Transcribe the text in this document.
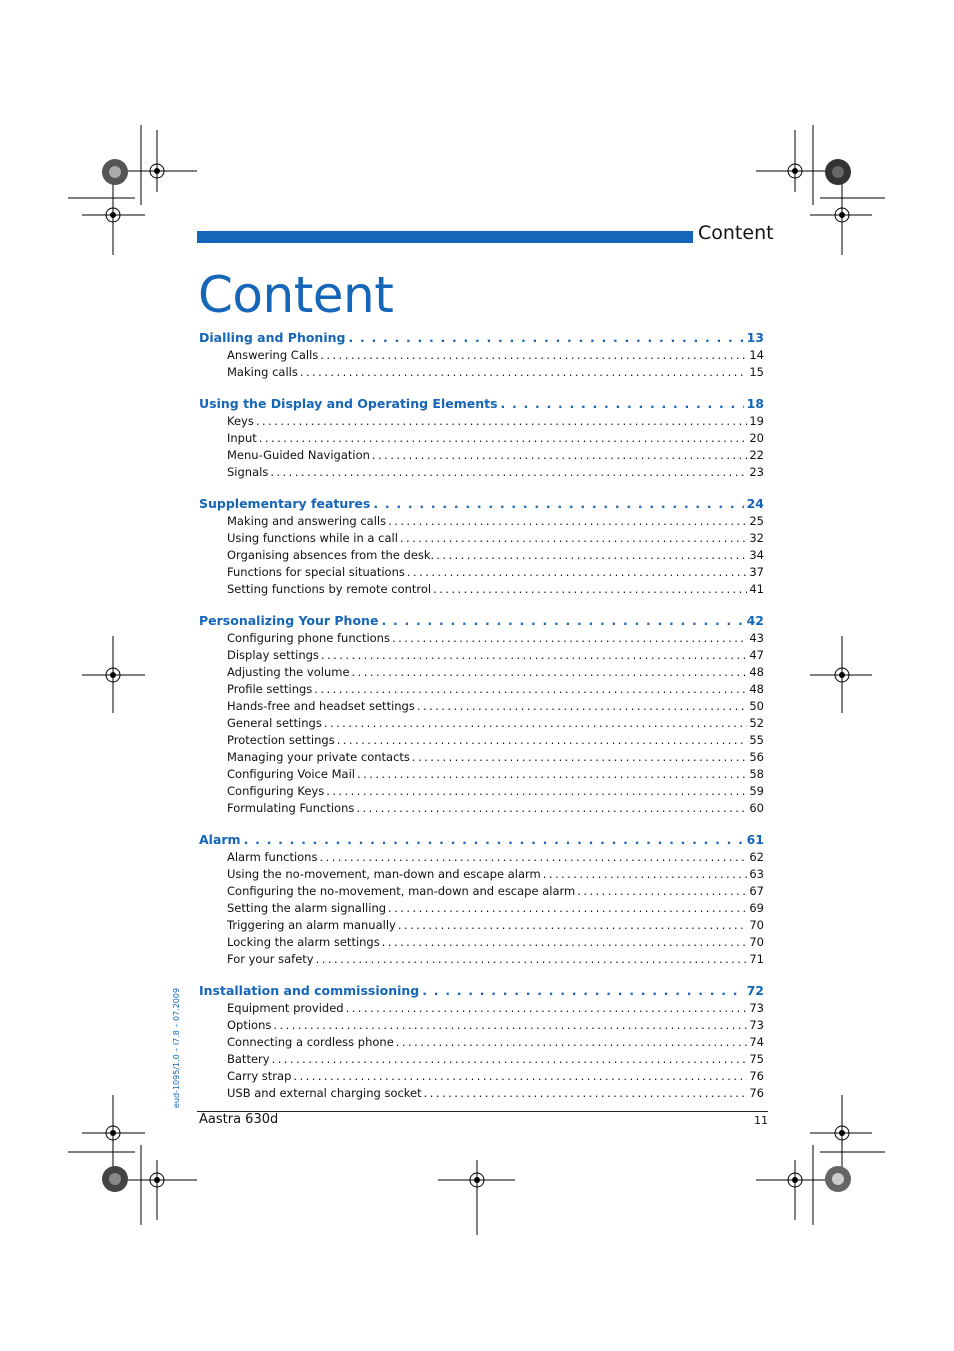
Content
Content
Dialling and Phoning . . .	13
Answering Calls . . .	14
Making calls . . .	15
Using the Display and Operating Elements . . .	18
Keys . . .	19
Input . . .	20
Menu-Guided Navigation . . .	22
Signals . . .	23
Supplementary features . . .	24
Making and answering calls . . .	25
Using functions while in a call . . .	32
Organising absences from the desk. . . .	34
Functions for special situations . . .	37
Setting functions by remote control . . .	41
Personalizing Your Phone . . .	42
Configuring phone functions . . .	43
Display settings . . .	47
Adjusting the volume . . .	48
Profile settings . . .	48
Hands-free and headset settings . . .	50
General settings . . .	52
Protection settings . . .	55
Managing your private contacts . . .	56
Configuring Voice Mail . . .	58
Configuring Keys . . .	59
Formulating Functions . . .	60
Alarm . . .	61
Alarm functions . . .	62
Using the no-movement, man-down and escape alarm . . .	63
Configuring the no-movement, man-down and escape alarm . . .	67
Setting the alarm signalling . . .	69
Triggering an alarm manually . . .	70
Locking the alarm settings . . .	70
For your safety . . .	71
Installation and commissioning . . .	72
Equipment provided . . .	73
Options . . .	73
Connecting a cordless phone . . .	74
Battery . . .	75
Carry strap . . .	76
USB and external charging socket . . .	76
eud-1095/1.0 – I7.8 – 07.2009
Aastra 630d	11
